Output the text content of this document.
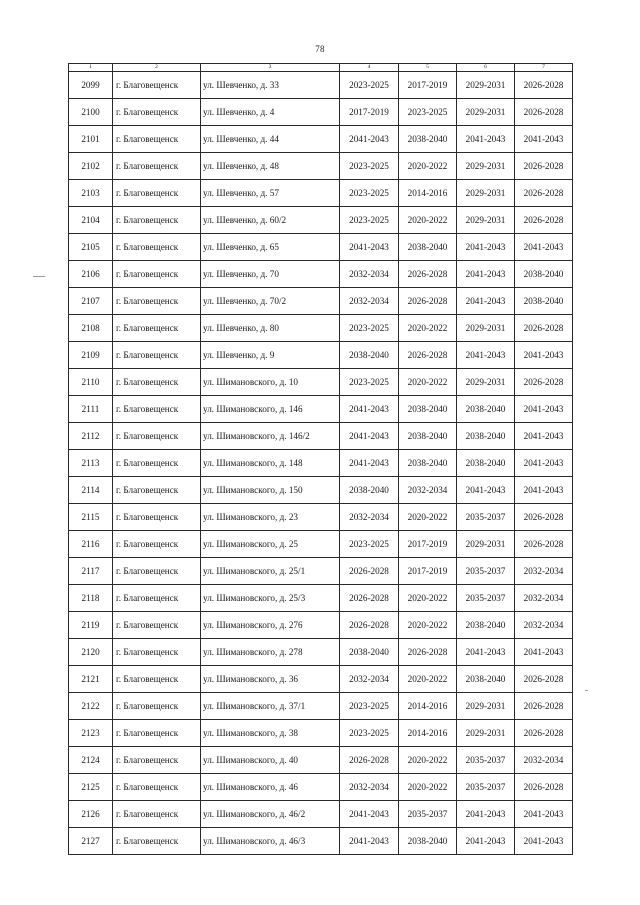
78
1	2	3	4	5	6	7
2099	г. Благовещенск	ул. Шевченко, д. 33	2023-2025	2017-2019	2029-2031	2026-2028
2100	г. Благовещенск	ул. Шевченко, д. 4	2017-2019	2023-2025	2029-2031	2026-2028
2101	г. Благовещенск	ул. Шевченко, д. 44	2041-2043	2038-2040	2041-2043	2041-2043
2102	г. Благовещенск	ул. Шевченко, д. 48	2023-2025	2020-2022	2029-2031	2026-2028
2103	г. Благовещенск	ул. Шевченко, д. 57	2023-2025	2014-2016	2029-2031	2026-2028
2104	г. Благовещенск	ул. Шевченко, д. 60/2	2023-2025	2020-2022	2029-2031	2026-2028
2105	г. Благовещенск	ул. Шевченко, д. 65	2041-2043	2038-2040	2041-2043	2041-2043
2106	г. Благовещенск	ул. Шевченко, д. 70	2032-2034	2026-2028	2041-2043	2038-2040
2107	г. Благовещенск	ул. Шевченко, д. 70/2	2032-2034	2026-2028	2041-2043	2038-2040
2108	г. Благовещенск	ул. Шевченко, д. 80	2023-2025	2020-2022	2029-2031	2026-2028
2109	г. Благовещенск	ул. Шевченко, д. 9	2038-2040	2026-2028	2041-2043	2041-2043
2110	г. Благовещенск	ул. Шимановского, д. 10	2023-2025	2020-2022	2029-2031	2026-2028
2111	г. Благовещенск	ул. Шимановского, д. 146	2041-2043	2038-2040	2038-2040	2041-2043
2112	г. Благовещенск	ул. Шимановского, д. 146/2	2041-2043	2038-2040	2038-2040	2041-2043
2113	г. Благовещенск	ул. Шимановского, д. 148	2041-2043	2038-2040	2038-2040	2041-2043
2114	г. Благовещенск	ул. Шимановского, д. 150	2038-2040	2032-2034	2041-2043	2041-2043
2115	г. Благовещенск	ул. Шимановского, д. 23	2032-2034	2020-2022	2035-2037	2026-2028
2116	г. Благовещенск	ул. Шимановского, д. 25	2023-2025	2017-2019	2029-2031	2026-2028
2117	г. Благовещенск	ул. Шимановского, д. 25/1	2026-2028	2017-2019	2035-2037	2032-2034
2118	г. Благовещенск	ул. Шимановского, д. 25/3	2026-2028	2020-2022	2035-2037	2032-2034
2119	г. Благовещенск	ул. Шимановского, д. 276	2026-2028	2020-2022	2038-2040	2032-2034
2120	г. Благовещенск	ул. Шимановского, д. 278	2038-2040	2026-2028	2041-2043	2041-2043
2121	г. Благовещенск	ул. Шимановского, д. 36	2032-2034	2020-2022	2038-2040	2026-2028
2122	г. Благовещенск	ул. Шимановского, д. 37/1	2023-2025	2014-2016	2029-2031	2026-2028
2123	г. Благовещенск	ул. Шимановского, д. 38	2023-2025	2014-2016	2029-2031	2026-2028
2124	г. Благовещенск	ул. Шимановского, д. 40	2026-2028	2020-2022	2035-2037	2032-2034
2125	г. Благовещенск	ул. Шимановского, д. 46	2032-2034	2020-2022	2035-2037	2026-2028
2126	г. Благовещенск	ул. Шимановского, д. 46/2	2041-2043	2035-2037	2041-2043	2041-2043
2127	г. Благовещенск	ул. Шимановского, д. 46/3	2041-2043	2038-2040	2041-2043	2041-2043
